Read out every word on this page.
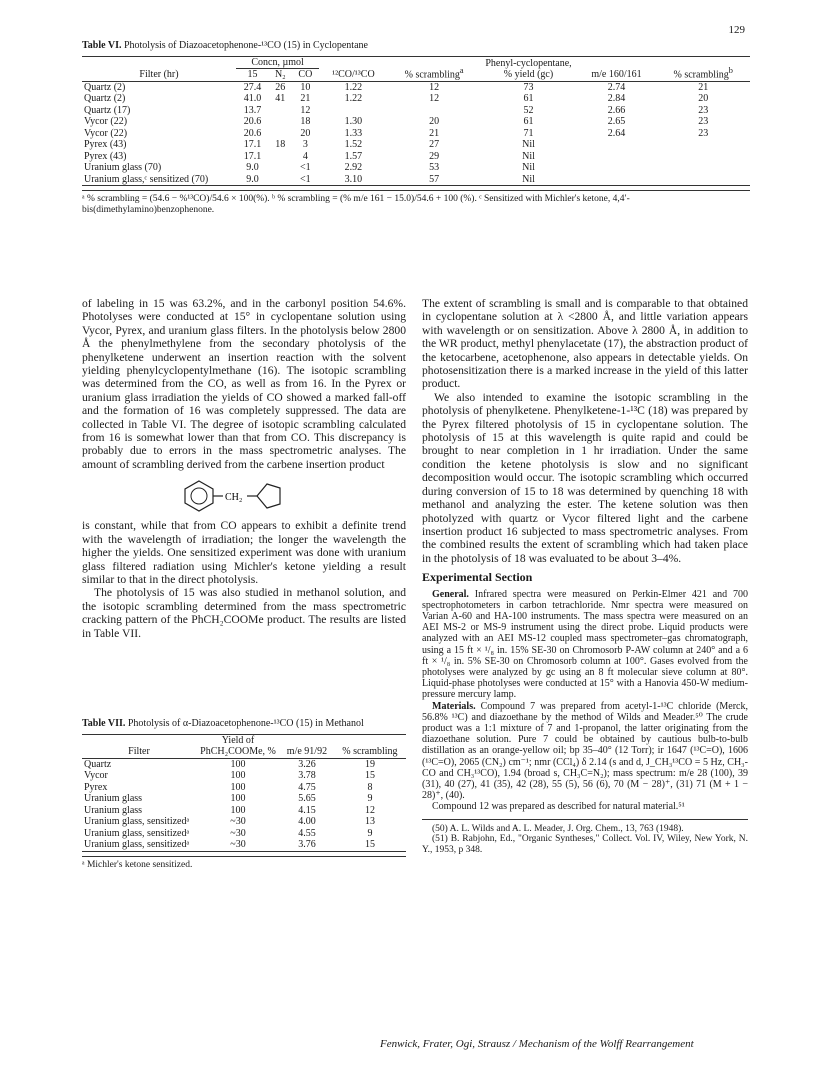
129
Table VI. Photolysis of Diazoacetophenone-¹³CO (15) in Cyclopentane
Filter (hr)	Concn, µmol			¹²CO/¹³CO	% scrambling$^a$	Phenyl-cyclopentane, % yield (gc)	m/e 160/161	% scrambling$^b$
	15	N₂	CO					
Quartz (2)	27.4	26	10	1.22	12	73	2.74	21
Quartz (2)	41.0	41	21	1.22	12	61	2.84	20
Quartz (17)	13.7		12			52	2.66	23
Vycor (22)	20.6		18	1.30	20	61	2.65	23
Vycor (22)	20.6		20	1.33	21	71	2.64	23
Pyrex (43)	17.1	18	3	1.52	27	Nil		
Pyrex (43)	17.1		4	1.57	29	Nil		
Uranium glass (70)	9.0		<1	2.92	53	Nil		
Uranium glass,ᶜ sensitized (70)	9.0		<1	3.10	57	Nil		
ᵃ % scrambling = (54.6 − %¹³CO)/54.6 × 100(%). ᵇ % scrambling = (% m/e 161 − 15.0)/54.6 + 100 (%). ᶜ Sensitized with Michler's ketone, 4,4′-bis(dimethylamino)benzophenone.

of labeling in 15 was 63.2%, and in the carbonyl position 54.6%. Photolyses were conducted at 15° in cyclopentane solution using Vycor, Pyrex, and uranium glass filters. In the photolysis below 2800 Å the phenylmethylene from the secondary photolysis of the phenylketene underwent an insertion reaction with the solvent yielding phenylcyclopentylmethane (16). The isotopic scrambling was determined from the CO, as well as from 16. In the Pyrex or uranium glass irradiation the yields of CO showed a marked fall-off and the formation of 16 was completely suppressed. The data are collected in Table VI. The degree of isotopic scrambling calculated from 16 is somewhat lower than that from CO. This discrepancy is probably due to errors in the mass spectrometric analyses. The amount of scrambling derived from the carbene insertion product

CH₂

is constant, while that from CO appears to exhibit a definite trend with the wavelength of irradiation; the longer the wavelength the higher the yields. One sensitized experiment was done with uranium glass filtered radiation using Michler's ketone yielding a result similar to that in the direct photolysis.

The photolysis of 15 was also studied in methanol solution, and the isotopic scrambling determined from the mass spectrometric cracking pattern of the PhCH₂COOMe product. The results are listed in Table VII.

Table VII. Photolysis of α-Diazoacetophenone-¹³CO (15) in Methanol
Filter	Yield of PhCH₂COOMe, %	m/e 91/92	% scrambling
Quartz	100	3.26	19
Vycor	100	3.78	15
Pyrex	100	4.75	8
Uranium glass	100	5.65	9
Uranium glass	100	4.15	12
Uranium glass, sensitizedᵃ	~30	4.00	13
Uranium glass, sensitizedᵃ	~30	4.55	9
Uranium glass, sensitizedᵃ	~30	3.76	15
ᵃ Michler's ketone sensitized.

The extent of scrambling is small and is comparable to that obtained in cyclopentane solution at λ <2800 Å, and little variation appears with wavelength or on sensitization. Above λ 2800 Å, in addition to the WR product, methyl phenylacetate (17), the abstraction product of the ketocarbene, acetophenone, also appears in detectable yields. On photosensitization there is a marked increase in the yield of this latter product.

We also intended to examine the isotopic scrambling in the photolysis of phenylketene. Phenylketene-1-¹³C (18) was prepared by the Pyrex filtered photolysis of 15 in cyclopentane solution. The photolysis of 15 at this wavelength is quite rapid and could be brought to near completion in 1 hr irradiation. Under the same condition the ketene photolysis is slow and no significant decomposition would occur. The isotopic scrambling which occurred during conversion of 15 to 18 was determined by quenching 18 with methanol and analyzing the ester. The ketene solution was then photolyzed with quartz or Vycor filtered light and the carbene insertion product 16 subjected to mass spectrometric analyses. From the combined results the extent of scrambling which had taken place in the photolysis of 18 was evaluated to be about 3–4%.

Experimental Section

General. Infrared spectra were measured on Perkin-Elmer 421 and 700 spectrophotometers in carbon tetrachloride. Nmr spectra were measured on Varian A-60 and HA-100 instruments. The mass spectra were measured on an AEI MS-2 or MS-9 instrument using the direct probe. Liquid products were analyzed with an AEI MS-12 coupled mass spectrometer–gas chromatograph, using a 15 ft × ¹/₈ in. 15% SE-30 on Chromosorb P-AW column at 240° and a 6 ft × ¹/₈ in. 5% SE-30 on Chromosorb column at 100°. Gases evolved from the photolyses were analyzed by gc using an 8 ft molecular sieve column at 80°. Liquid-phase photolyses were conducted at 15° with a Hanovia 450-W medium-pressure mercury lamp.

Materials. Compound 7 was prepared from acetyl-1-¹³C chloride (Merck, 56.8% ¹³C) and diazoethane by the method of Wilds and Meader.⁵⁰ The crude product was a 1:1 mixture of 7 and 1-propanol, the latter originating from the diazoethane solution. Pure 7 could be obtained by cautious bulb-to-bulb distillation as an orange-yellow oil; bp 35–40° (12 Torr); ir 1647 (¹³C=O), 1606 (¹³C=O), 2065 (CN₂) cm⁻¹; nmr (CCl₄) δ 2.14 (s and d, J_CH₃¹³CO = 5 Hz, CH₃-CO and CH₃¹³CO), 1.94 (broad s, CH₃C=N₂); mass spectrum: m/e 28 (100), 39 (31), 40 (27), 41 (35), 42 (28), 55 (5), 56 (6), 70 (M − 28)⁺, (31) 71 (M + 1 − 28)⁺, (40).

Compound 12 was prepared as described for natural material.⁵¹

(50) A. L. Wilds and A. L. Meader, J. Org. Chem., 13, 763 (1948).

(51) B. Rabjohn, Ed., "Organic Syntheses," Collect. Vol. IV, Wiley, New York, N. Y., 1953, p 348.

Fenwick, Frater, Ogi, Strausz / Mechanism of the Wolff Rearrangement
